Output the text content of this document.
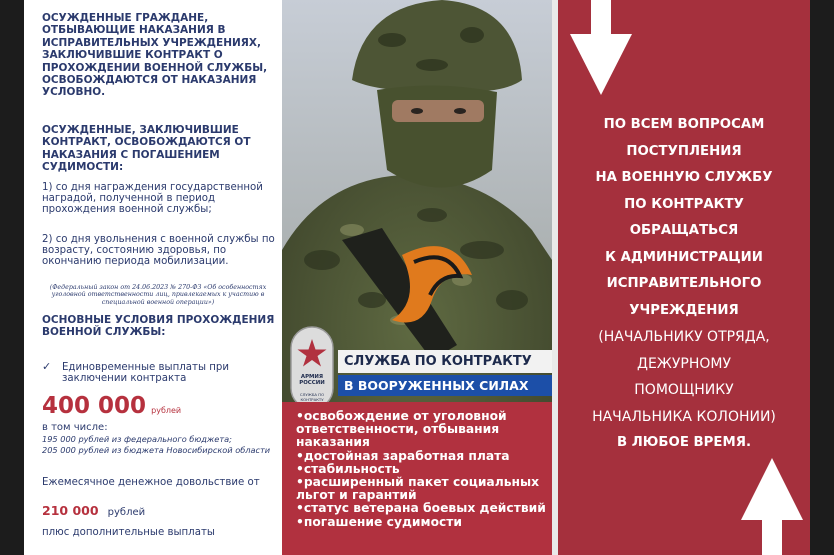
ОСУЖДЕННЫЕ ГРАЖДАНЕ, ОТБЫВАЮЩИЕ НАКАЗАНИЯ В ИСПРАВИТЕЛЬНЫХ УЧРЕЖДЕНИЯХ, ЗАКЛЮЧИВШИЕ КОНТРАКТ О ПРОХОЖДЕНИИ ВОЕННОЙ СЛУЖБЫ, ОСВОБОЖДАЮТСЯ ОТ НАКАЗАНИЯ УСЛОВНО.
ОСУЖДЕННЫЕ, ЗАКЛЮЧИВШИЕ КОНТРАКТ, ОСВОБОЖДАЮТСЯ ОТ НАКАЗАНИЯ С ПОГАШЕНИЕМ СУДИМОСТИ:
1) со дня награждения государственной наградой, полученной в период прохождения военной службы;
2) со дня увольнения с военной службы по возрасту, состоянию здоровья, по окончанию периода мобилизации.
(Федеральный закон от 24.06.2023 № 270-ФЗ «Об особенностях уголовной ответственности лиц, привлекаемых к участию в специальной военной операции»)
ОСНОВНЫЕ УСЛОВИЯ ПРОХОЖДЕНИЯ ВОЕННОЙ СЛУЖБЫ:
✓	Единовременные выплаты при заключении контракта
400 000 рублей
в том числе:
195 000 рублей из федерального бюджета;
205 000 рублей из бюджета Новосибирской области
Ежемесячное денежное довольствие от
210 000 рублей
плюс дополнительные выплаты
АРМИЯ РОССИИ
СЛУЖБА ПО КОНТРАКТУ
СЛУЖБА ПО КОНТРАКТУ
В ВООРУЖЕННЫХ СИЛАХ
•освобождение от уголовной ответственности, отбывания наказания
•достойная заработная плата
•стабильность
•расширенный пакет социальных льгот и гарантий
•статус ветерана боевых действий
•погашение судимости
ПО ВСЕМ ВОПРОСАМ
ПОСТУПЛЕНИЯ
НА ВОЕННУЮ СЛУЖБУ
ПО КОНТРАКТУ
ОБРАЩАТЬСЯ
К АДМИНИСТРАЦИИ
ИСПРАВИТЕЛЬНОГО
УЧРЕЖДЕНИЯ
(НАЧАЛЬНИКУ ОТРЯДА,
ДЕЖУРНОМУ
ПОМОЩНИКУ
НАЧАЛЬНИКА КОЛОНИИ)
В ЛЮБОЕ ВРЕМЯ.
